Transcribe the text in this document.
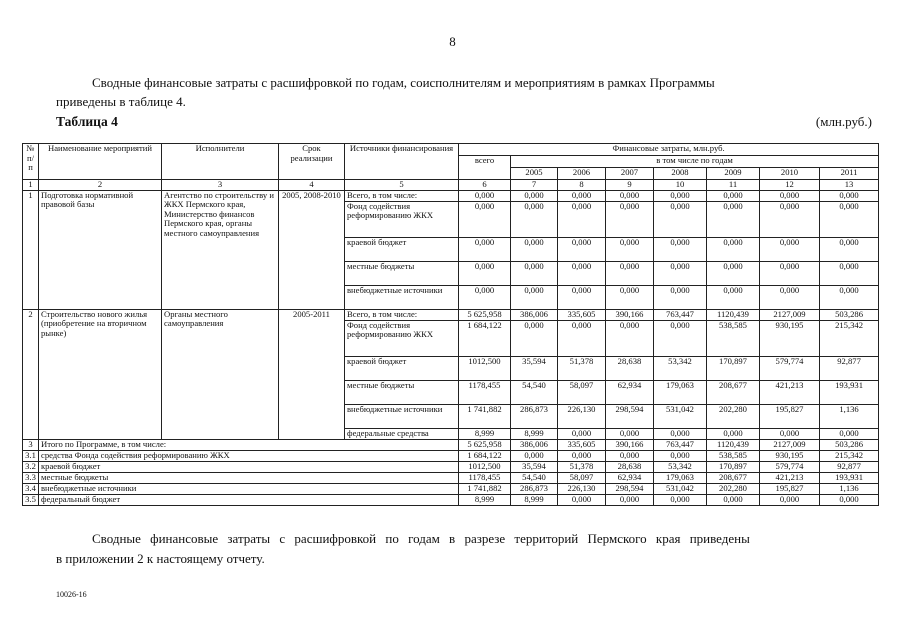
8
Сводные финансовые затраты с расшифровкой по годам, соисполнителям и мероприятиям в рамках Программы
приведены в таблице 4.
Таблица 4	(млн.руб.)
№ п/п	Наименование мероприятий	Исполнители	Срок реализации	Источники финансирования	Финансовые затраты, млн.руб.							
					всего	в том числе по годам						
						2005	2006	2007	2008	2009	2010	2011
1	2	3	4	5	6	7	8	9	10	11	12	13
1	Подготовка нормативной правовой базы	Агентство по строительству и ЖКХ Пермского края, Министерство финансов Пермского края, органы местного самоуправления	2005, 2008-2010	Всего, в том числе:	0,000	0,000	0,000	0,000	0,000	0,000	0,000	0,000
				Фонд содействия реформированию ЖКХ	0,000	0,000	0,000	0,000	0,000	0,000	0,000	0,000
				краевой бюджет	0,000	0,000	0,000	0,000	0,000	0,000	0,000	0,000
				местные бюджеты	0,000	0,000	0,000	0,000	0,000	0,000	0,000	0,000
				внебюджетные источники	0,000	0,000	0,000	0,000	0,000	0,000	0,000	0,000
2	Строительство нового жилья (приобретение на вторичном рынке)	Органы местного самоуправления	2005-2011	Всего, в том числе:	5 625,958	386,006	335,605	390,166	763,447	1120,439	2127,009	503,286
				Фонд содействия реформированию ЖКХ	1 684,122	0,000	0,000	0,000	0,000	538,585	930,195	215,342
				краевой бюджет	1012,500	35,594	51,378	28,638	53,342	170,897	579,774	92,877
				местные бюджеты	1178,455	54,540	58,097	62,934	179,063	208,677	421,213	193,931
				внебюджетные источники	1 741,882	286,873	226,130	298,594	531,042	202,280	195,827	1,136
				федеральные средства	8,999	8,999	0,000	0,000	0,000	0,000	0,000	0,000
3	Итого по Программе, в том числе:				5 625,958	386,006	335,605	390,166	763,447	1120,439	2127,009	503,286
3.1	средства Фонда содействия реформированию ЖКХ				1 684,122	0,000	0,000	0,000	0,000	538,585	930,195	215,342
3.2	краевой бюджет				1012,500	35,594	51,378	28,638	53,342	170,897	579,774	92,877
3.3	местные бюджеты				1178,455	54,540	58,097	62,934	179,063	208,677	421,213	193,931
3.4	внебюджетные источники				1 741,882	286,873	226,130	298,594	531,042	202,280	195,827	1,136
3.5	федеральный бюджет				8,999	8,999	0,000	0,000	0,000	0,000	0,000	0,000
Сводные финансовые затраты с расшифровкой по годам в разрезе территорий Пермского края приведены
в приложении 2 к настоящему отчету.
10026-16
